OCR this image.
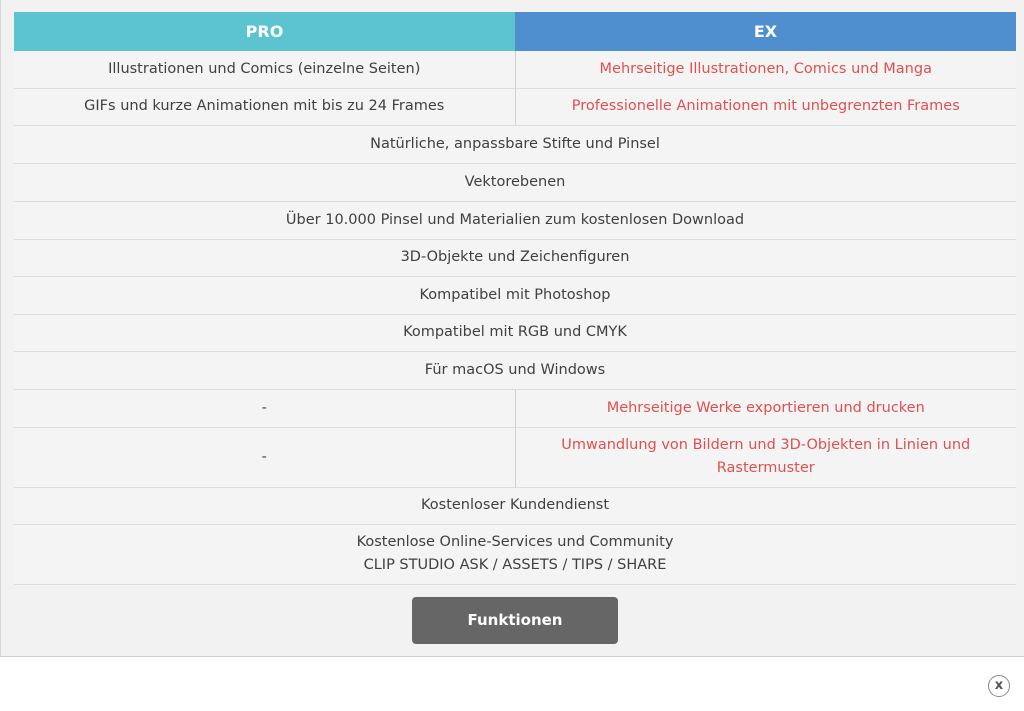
PRO	EX
Illustrationen und Comics (einzelne Seiten)	Mehrseitige Illustrationen, Comics und Manga
GIFs und kurze Animationen mit bis zu 24 Frames	Professionelle Animationen mit unbegrenzten Frames
Natürliche, anpassbare Stifte und Pinsel	
Vektorebenen	
Über 10.000 Pinsel und Materialien zum kostenlosen Download	
3D-Objekte und Zeichenfiguren	
Kompatibel mit Photoshop	
Kompatibel mit RGB und CMYK	
Für macOS und Windows	
-	Mehrseitige Werke exportieren und drucken
-	Umwandlung von Bildern und 3D-Objekten in Linien und Rastermuster
Kostenloser Kundendienst	
Kostenlose Online-Services und Community
CLIP STUDIO ASK / ASSETS / TIPS / SHARE	
Funktionen
x
